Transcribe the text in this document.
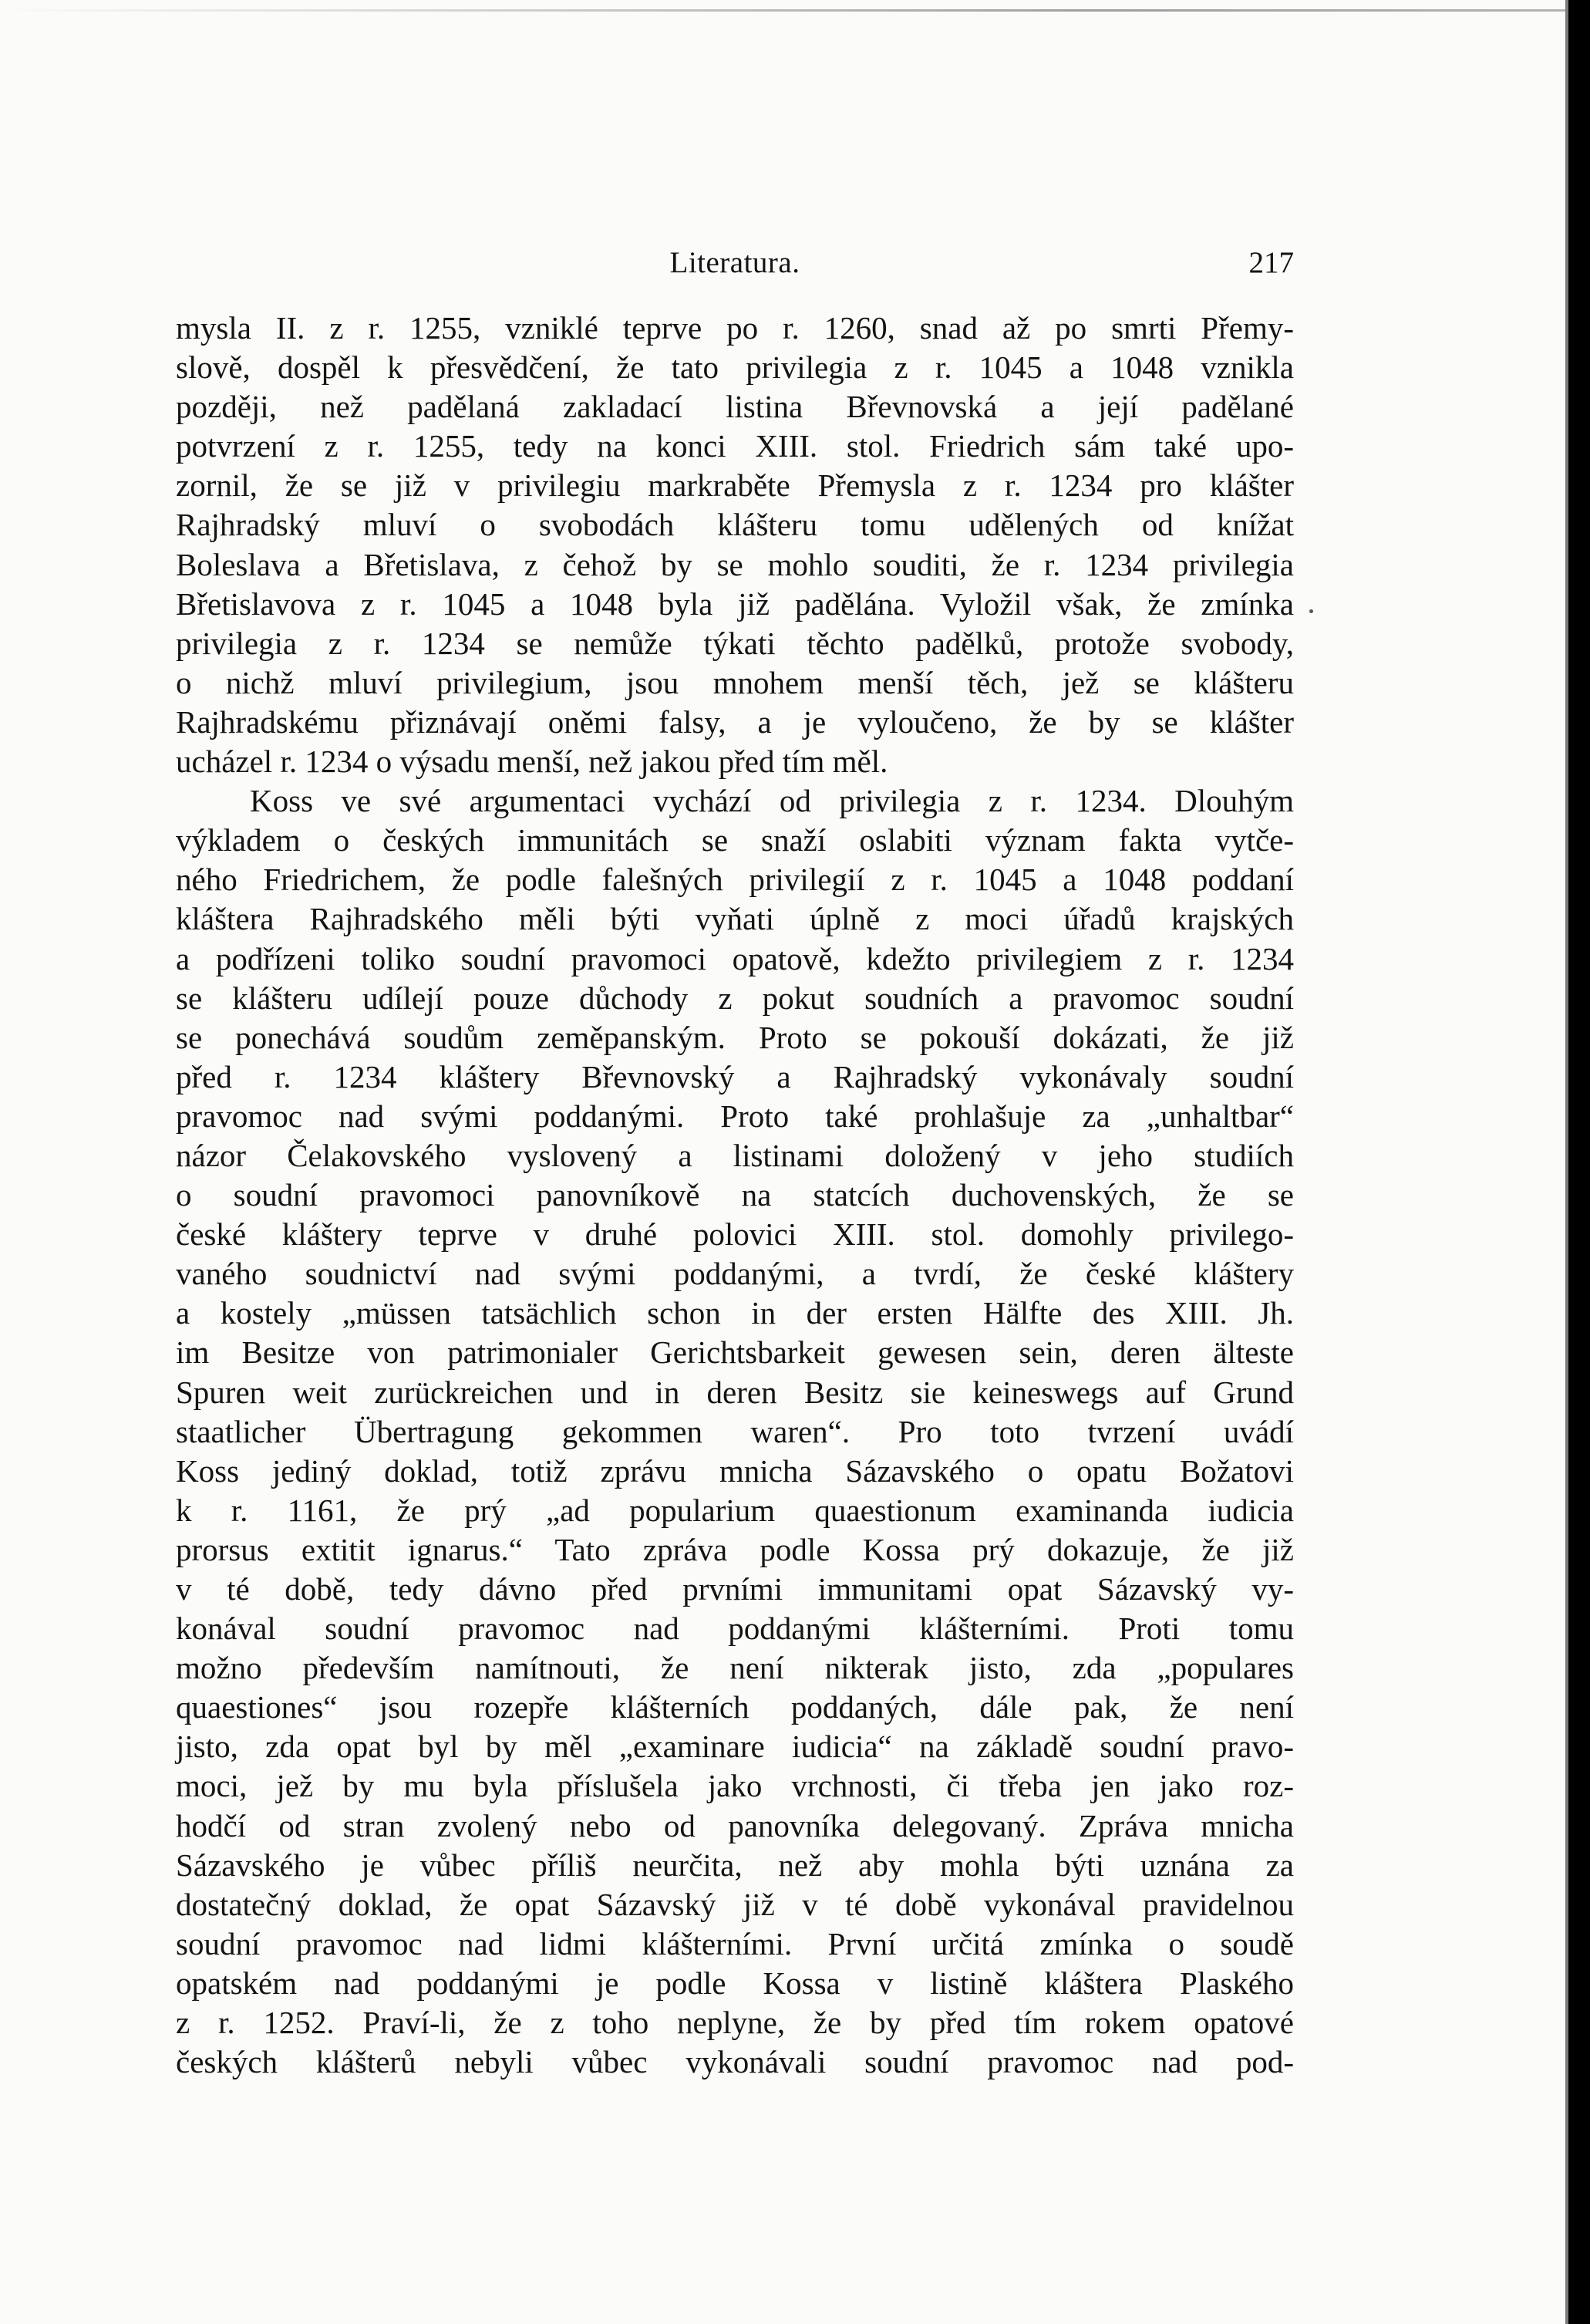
Literatura.	217
mysla II. z r. 1255, vzniklé teprve po r. 1260, snad až po smrti Přemy-
slově, dospěl k přesvědčení, že tato privilegia z r. 1045 a 1048 vznikla
později, než padělaná zakladací listina Břevnovská a její padělané
potvrzení z r. 1255, tedy na konci XIII. stol. Friedrich sám také upo-
zornil, že se již v privilegiu markraběte Přemysla z r. 1234 pro klášter
Rajhradský mluví o svobodách klášteru tomu udělených od knížat
Boleslava a Břetislava, z čehož by se mohlo souditi, že r. 1234 privilegia
Břetislavova z r. 1045 a 1048 byla již padělána. Vyložil však, že zmínka
privilegia z r. 1234 se nemůže týkati těchto padělků, protože svobody,
o nichž mluví privilegium, jsou mnohem menší těch, jež se klášteru
Rajhradskému přiznávají oněmi falsy, a je vyloučeno, že by se klášter
ucházel r. 1234 o výsadu menší, než jakou před tím měl.
Koss ve své argumentaci vychází od privilegia z r. 1234. Dlouhým
výkladem o českých immunitách se snaží oslabiti význam fakta vytče-
ného Friedrichem, že podle falešných privilegií z r. 1045 a 1048 poddaní
kláštera Rajhradského měli býti vyňati úplně z moci úřadů krajských
a podřízeni toliko soudní pravomoci opatově, kdežto privilegiem z r. 1234
se klášteru udílejí pouze důchody z pokut soudních a pravomoc soudní
se ponechává soudům zeměpanským. Proto se pokouší dokázati, že již
před r. 1234 kláštery Břevnovský a Rajhradský vykonávaly soudní
pravomoc nad svými poddanými. Proto také prohlašuje za „unhaltbar“
názor Čelakovského vyslovený a listinami doložený v jeho studiích
o soudní pravomoci panovníkově na statcích duchovenských, že se
české kláštery teprve v druhé polovici XIII. stol. domohly privilego-
vaného soudnictví nad svými poddanými, a tvrdí, že české kláštery
a kostely „müssen tatsächlich schon in der ersten Hälfte des XIII. Jh.
im Besitze von patrimonialer Gerichtsbarkeit gewesen sein, deren älteste
Spuren weit zurückreichen und in deren Besitz sie keineswegs auf Grund
staatlicher Übertragung gekommen waren“. Pro toto tvrzení uvádí
Koss jediný doklad, totiž zprávu mnicha Sázavského o opatu Božatovi
k r. 1161, že prý „ad popularium quaestionum examinanda iudicia
prorsus extitit ignarus.“ Tato zpráva podle Kossa prý dokazuje, že již
v té době, tedy dávno před prvními immunitami opat Sázavský vy-
konával soudní pravomoc nad poddanými klášterními. Proti tomu
možno především namítnouti, že není nikterak jisto, zda „populares
quaestiones“ jsou rozepře klášterních poddaných, dále pak, že není
jisto, zda opat byl by měl „examinare iudicia“ na základě soudní pravo-
moci, jež by mu byla příslušela jako vrchnosti, či třeba jen jako roz-
hodčí od stran zvolený nebo od panovníka delegovaný. Zpráva mnicha
Sázavského je vůbec příliš neurčita, než aby mohla býti uznána za
dostatečný doklad, že opat Sázavský již v té době vykonával pravidelnou
soudní pravomoc nad lidmi klášterními. První určitá zmínka o soudě
opatském nad poddanými je podle Kossa v listině kláštera Plaského
z r. 1252. Praví-li, že z toho neplyne, že by před tím rokem opatové
českých klášterů nebyli vůbec vykonávali soudní pravomoc nad pod-
